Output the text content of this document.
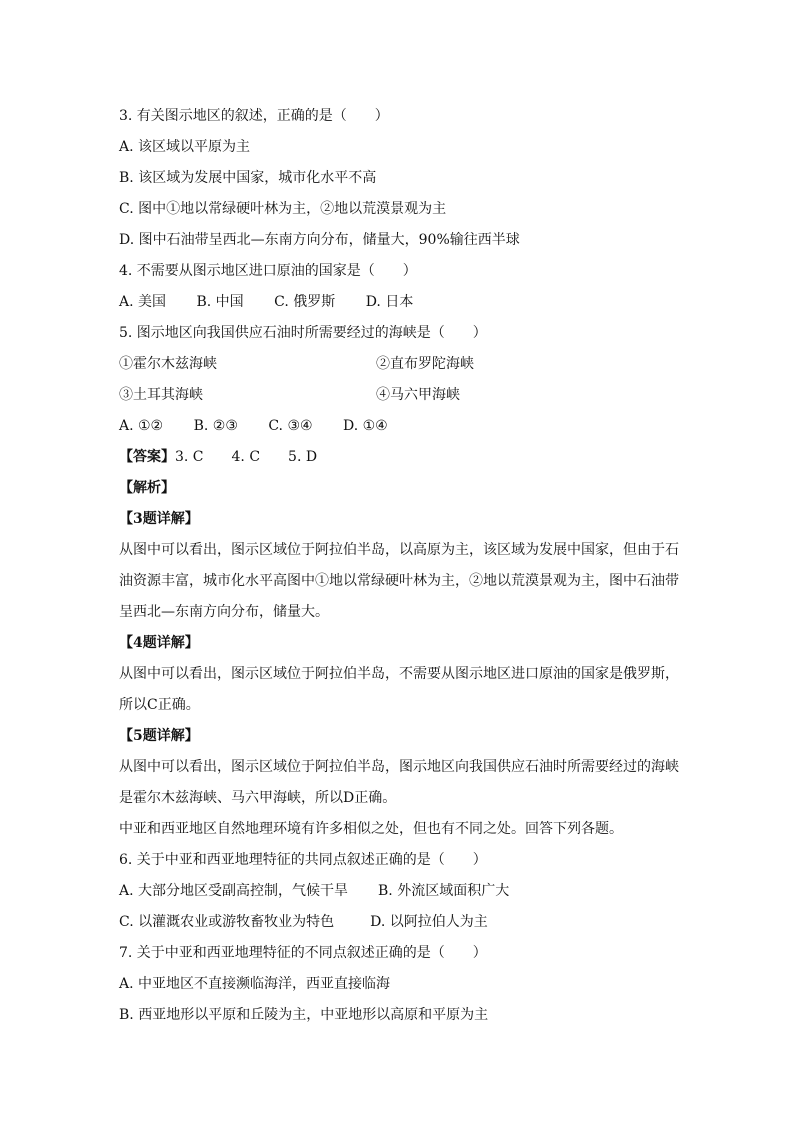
3. 有关图示地区的叙述，正确的是（　　）
A. 该区域以平原为主
B. 该区域为发展中国家，城市化水平不高
C. 图中①地以常绿硬叶林为主，②地以荒漠景观为主
D. 图中石油带呈西北—东南方向分布，储量大，90%输往西半球
4. 不需要从图示地区进口原油的国家是（　　）
A. 美国 B. 中国 C. 俄罗斯 D. 日本
5. 图示地区向我国供应石油时所需要经过的海峡是（　　）
①霍尔木兹海峡	②直布罗陀海峡
③土耳其海峡	④马六甲海峡
A. ①② B. ②③ C. ③④ D. ①④
【答案】3. C　　4. C　　5. D
【解析】
【3题详解】
从图中可以看出，图示区域位于阿拉伯半岛，以高原为主，该区域为发展中国家，但由于石油资源丰富，城市化水平高图中①地以常绿硬叶林为主，②地以荒漠景观为主，图中石油带呈西北—东南方向分布，储量大。
【4题详解】
从图中可以看出，图示区域位于阿拉伯半岛，不需要从图示地区进口原油的国家是俄罗斯，所以C正确。
【5题详解】
从图中可以看出，图示区域位于阿拉伯半岛，图示地区向我国供应石油时所需要经过的海峡是霍尔木兹海峡、马六甲海峡，所以D正确。
中亚和西亚地区自然地理环境有许多相似之处，但也有不同之处。回答下列各题。
6. 关于中亚和西亚地理特征的共同点叙述正确的是（　　）
A. 大部分地区受副高控制，气候干旱 B. 外流区域面积广大
C. 以灌溉农业或游牧畜牧业为特色	D. 以阿拉伯人为主
7. 关于中亚和西亚地理特征的不同点叙述正确的是（　　）
A. 中亚地区不直接濒临海洋，西亚直接临海
B. 西亚地形以平原和丘陵为主，中亚地形以高原和平原为主
